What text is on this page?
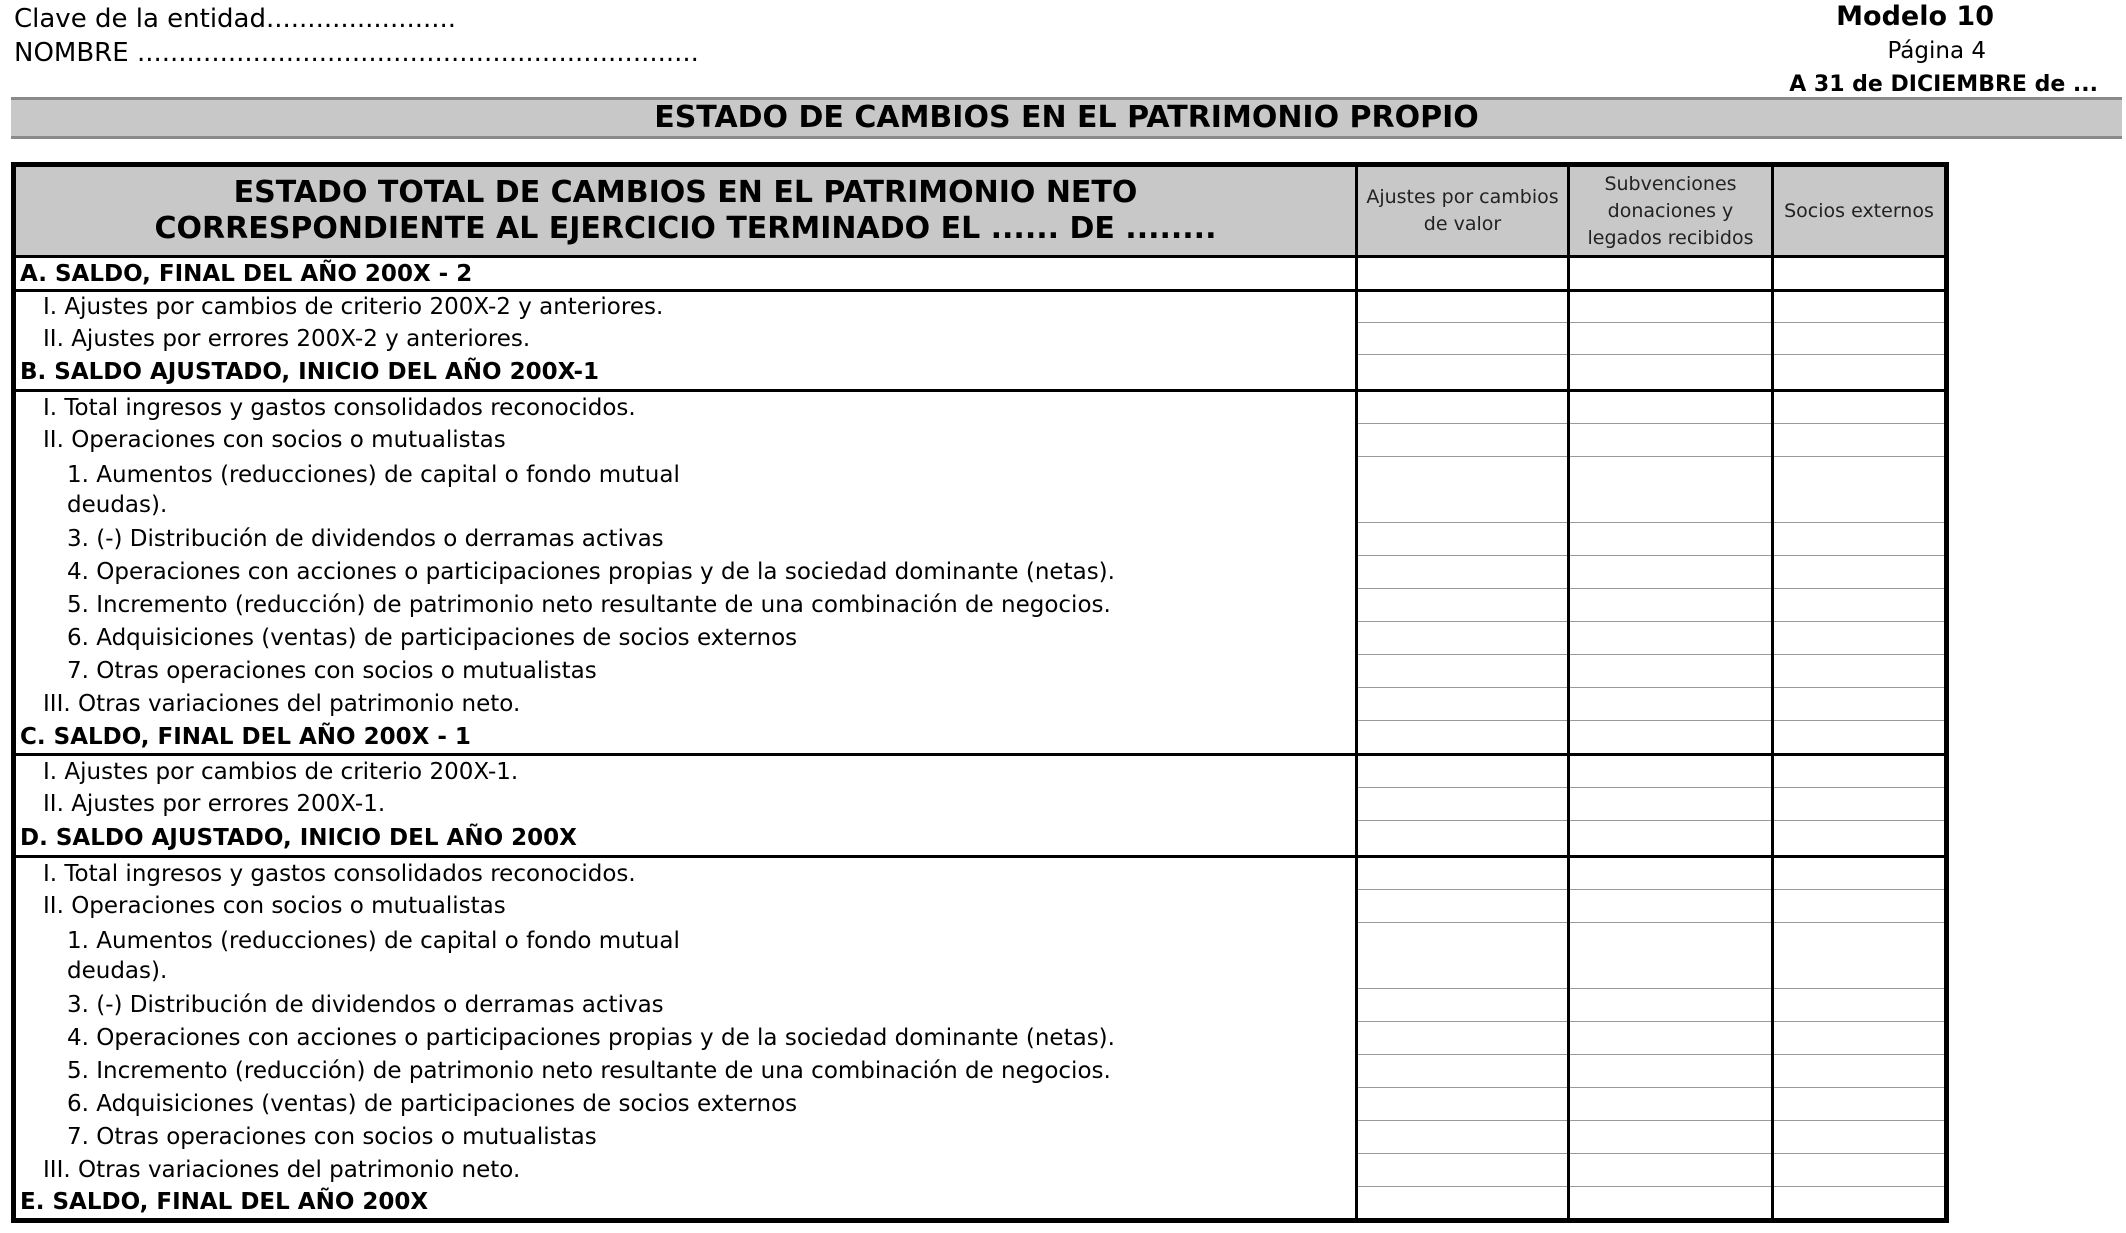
Clave de la entidad.......................
NOMBRE ....................................................................
Modelo 10
Página 4
A 31 de DICIEMBRE de ...
ESTADO DE CAMBIOS EN EL PATRIMONIO PROPIO
ESTADO TOTAL DE CAMBIOS EN EL PATRIMONIO NETO CORRESPONDIENTE AL EJERCICIO TERMINADO EL ...... DE ........	Ajustes por cambios de valor	Subvenciones donaciones y legados recibidos	Socios externos
A. SALDO, FINAL DEL AÑO 200X - 2			
I. Ajustes por cambios de criterio 200X-2 y anteriores.			
II. Ajustes por errores 200X-2 y anteriores.			
B. SALDO AJUSTADO, INICIO DEL AÑO 200X-1			
I. Total ingresos y gastos consolidados reconocidos.			
II. Operaciones con socios o mutualistas			

1. Aumentos (reducciones) de capital o fondo mutual
deudas).			

3. (-) Distribución de dividendos o derramas activas			
4. Operaciones con acciones o participaciones propias y de la sociedad dominante (netas).			
5. Incremento (reducción) de patrimonio neto resultante de una combinación de negocios.			
6. Adquisiciones (ventas) de participaciones de socios externos			
7. Otras operaciones con socios o mutualistas			
III. Otras variaciones del patrimonio neto.			
C. SALDO, FINAL DEL AÑO 200X - 1			
I. Ajustes por cambios de criterio 200X-1.			
II. Ajustes por errores 200X-1.			
D. SALDO AJUSTADO, INICIO DEL AÑO 200X			
I. Total ingresos y gastos consolidados reconocidos.			
II. Operaciones con socios o mutualistas			

1. Aumentos (reducciones) de capital o fondo mutual
deudas).			

3. (-) Distribución de dividendos o derramas activas			
4. Operaciones con acciones o participaciones propias y de la sociedad dominante (netas).			
5. Incremento (reducción) de patrimonio neto resultante de una combinación de negocios.			
6. Adquisiciones (ventas) de participaciones de socios externos			
7. Otras operaciones con socios o mutualistas			
III. Otras variaciones del patrimonio neto.			
E. SALDO, FINAL DEL AÑO 200X			
